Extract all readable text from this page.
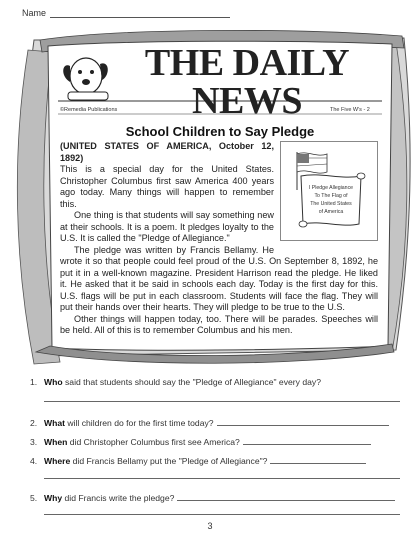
Name
THE DAILY NEWS
©Remedia Publications	The Five W's - 2
School Children to Say Pledge
I Pledge Allegiance
To The Flag of
The United States
of America

(UNITED STATES OF AMERICA, October 12, 1892)

This is a special day for the United States. Christopher Columbus first saw America 400 years ago today. Many things will happen to remember this.

One thing is that students will say something new at their schools. It is a poem. It pledges loyalty to the U.S. It is called the "Pledge of Allegiance."

The pledge was written by Francis Bellamy. He wrote it so that people could feel proud of the U.S. On September 8, 1892, he put it in a well-known magazine. President Harrison read the pledge. He liked it. He asked that it be said in schools each day. Today is the first day for this. U.S. flags will be put in each classroom. Students will face the flag. They will put their hands over their hearts. They will pledge to be true to the U.S.

Other things will happen today, too. There will be parades. Speeches will be held. All of this is to remember Columbus and his men.

1. Who said that students should say the "Pledge of Allegiance" every day?
2. What will children do for the first time today?
3. When did Christopher Columbus first see America?
4. Where did Francis Bellamy put the "Pledge of Allegiance"?
5. Why did Francis write the pledge?
3
